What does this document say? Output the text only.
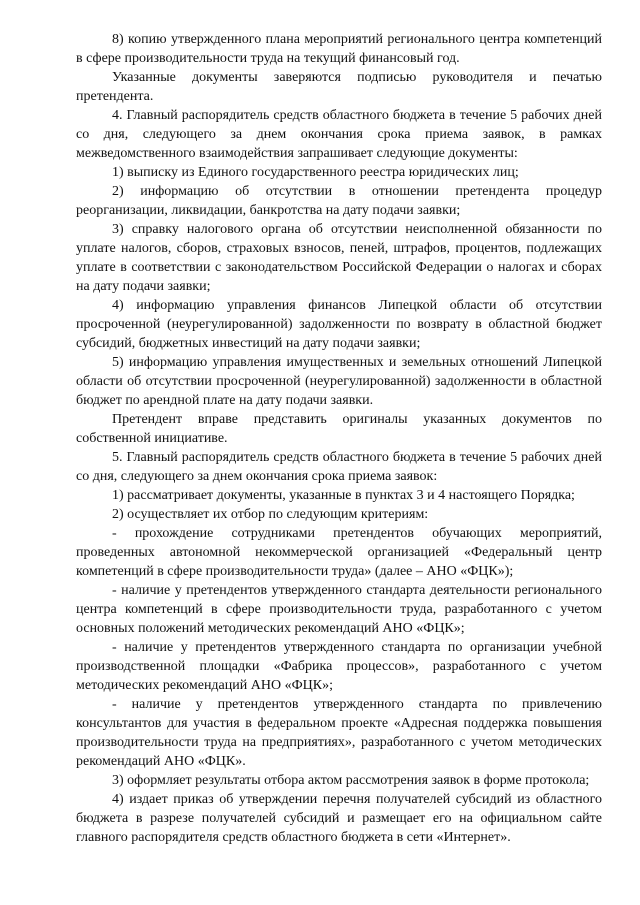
8) копию утвержденного плана мероприятий регионального центра компетенций в сфере производительности труда на текущий финансовый год.

Указанные документы заверяются подписью руководителя и печатью претендента.

4. Главный распорядитель средств областного бюджета в течение 5 рабочих дней со дня, следующего за днем окончания срока приема заявок, в рамках межведомственного взаимодействия запрашивает следующие документы:

1) выписку из Единого государственного реестра юридических лиц;

2) информацию об отсутствии в отношении претендента процедур реорганизации, ликвидации, банкротства на дату подачи заявки;

3) справку налогового органа об отсутствии неисполненной обязанности по уплате налогов, сборов, страховых взносов, пеней, штрафов, процентов, подлежащих уплате в соответствии с законодательством Российской Федерации о налогах и сборах на дату подачи заявки;

4) информацию управления финансов Липецкой области об отсутствии просроченной (неурегулированной) задолженности по возврату в областной бюджет субсидий, бюджетных инвестиций на дату подачи заявки;

5) информацию управления имущественных и земельных отношений Липецкой области об отсутствии просроченной (неурегулированной) задолженности в областной бюджет по арендной плате на дату подачи заявки.

Претендент вправе представить оригиналы указанных документов по собственной инициативе.

5. Главный распорядитель средств областного бюджета в течение 5 рабочих дней со дня, следующего за днем окончания срока приема заявок:

1) рассматривает документы, указанные в пунктах 3 и 4 настоящего Порядка;

2) осуществляет их отбор по следующим критериям:

- прохождение сотрудниками претендентов обучающих мероприятий, проведенных автономной некоммерческой организацией «Федеральный центр компетенций в сфере производительности труда» (далее – АНО «ФЦК»);

- наличие у претендентов утвержденного стандарта деятельности регионального центра компетенций в сфере производительности труда, разработанного с учетом основных положений методических рекомендаций АНО «ФЦК»;

- наличие у претендентов утвержденного стандарта по организации учебной производственной площадки «Фабрика процессов», разработанного с учетом методических рекомендаций АНО «ФЦК»;

- наличие у претендентов утвержденного стандарта по привлечению консультантов для участия в федеральном проекте «Адресная поддержка повышения производительности труда на предприятиях», разработанного с учетом методических рекомендаций АНО «ФЦК».

3) оформляет результаты отбора актом рассмотрения заявок в форме протокола;

4) издает приказ об утверждении перечня получателей субсидий из областного бюджета в разрезе получателей субсидий и размещает его на официальном сайте главного распорядителя средств областного бюджета в сети «Интернет».
